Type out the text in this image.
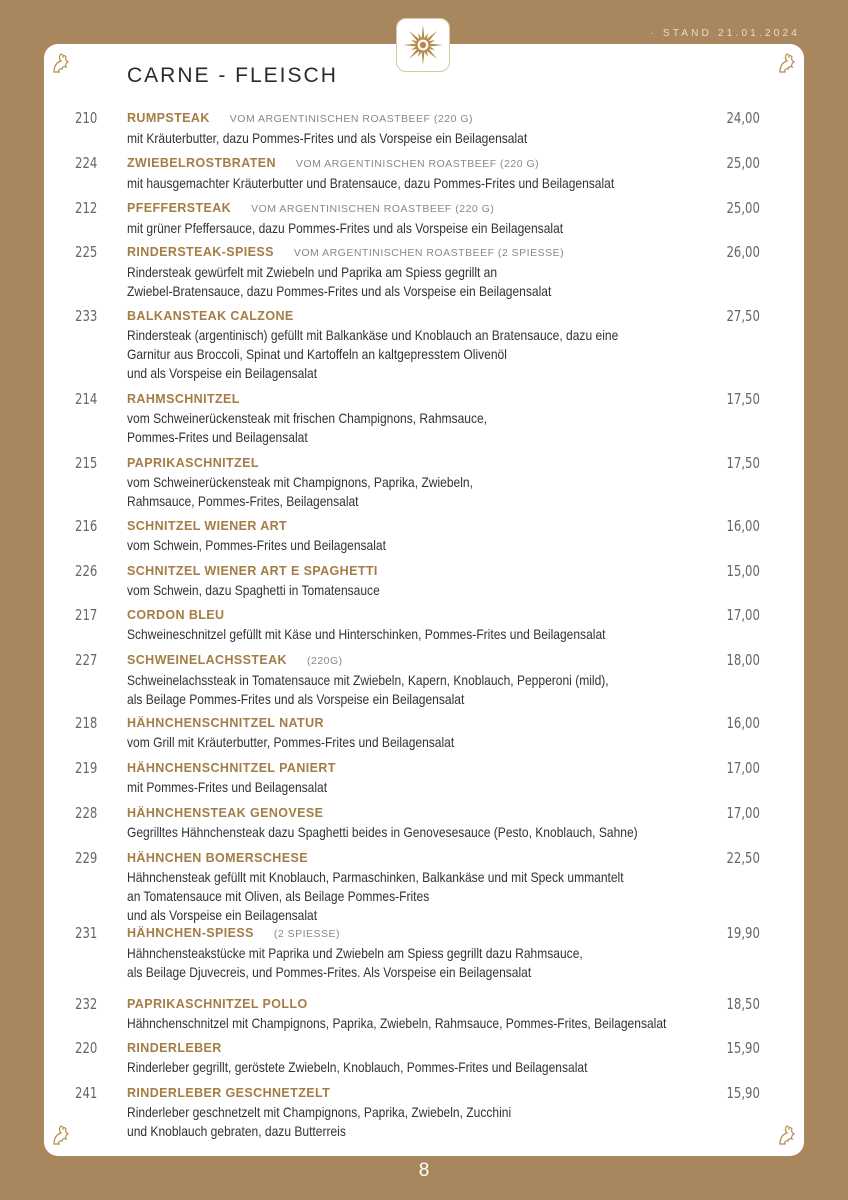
· STAND 21.01.2024
CARNE - FLEISCH
210	RUMPSTEAK VOM ARGENTINISCHEN ROASTBEEF (220 G)
mit Kräuterbutter, dazu Pommes-Frites und als Vorspeise ein Beilagensalat
24,00
224	ZWIEBELROSTBRATEN VOM ARGENTINISCHEN ROASTBEEF (220 G)
mit hausgemachter Kräuterbutter und Bratensauce, dazu Pommes-Frites und Beilagensalat
25,00
212	PFEFFERSTEAK VOM ARGENTINISCHEN ROASTBEEF (220 G)
mit grüner Pfeffersauce, dazu Pommes-Frites und als Vorspeise ein Beilagensalat
25,00
225	RINDERSTEAK-SPIESS VOM ARGENTINISCHEN ROASTBEEF (2 SPIESSE)
Rindersteak gewürfelt mit Zwiebeln und Paprika am Spiess gegrillt an
Zwiebel-Bratensauce, dazu Pommes-Frites und als Vorspeise ein Beilagensalat
26,00
233	BALKANSTEAK CALZONE
Rindersteak (argentinisch) gefüllt mit Balkankäse und Knoblauch an Bratensauce, dazu eine
Garnitur aus Broccoli, Spinat und Kartoffeln an kaltgepresstem Olivenöl
und als Vorspeise ein Beilagensalat
27,50
214	RAHMSCHNITZEL
vom Schweinerückensteak mit frischen Champignons, Rahmsauce,
Pommes-Frites und Beilagensalat
17,50
215	PAPRIKASCHNITZEL
vom Schweinerückensteak mit Champignons, Paprika, Zwiebeln,
Rahmsauce, Pommes-Frites, Beilagensalat
17,50
216	SCHNITZEL WIENER ART
vom Schwein, Pommes-Frites und Beilagensalat
16,00
226	SCHNITZEL WIENER ART E SPAGHETTI
vom Schwein, dazu Spaghetti in Tomatensauce
15,00
217	CORDON BLEU
Schweineschnitzel gefüllt mit Käse und Hinterschinken, Pommes-Frites und Beilagensalat
17,00
227	SCHWEINELACHSSTEAK (220G)
Schweinelachssteak in Tomatensauce mit Zwiebeln, Kapern, Knoblauch, Pepperoni (mild),
als Beilage Pommes-Frites und als Vorspeise ein Beilagensalat
18,00
218	HÄHNCHENSCHNITZEL NATUR
vom Grill mit Kräuterbutter, Pommes-Frites und Beilagensalat
16,00
219	HÄHNCHENSCHNITZEL PANIERT
mit Pommes-Frites und Beilagensalat
17,00
228	HÄHNCHENSTEAK GENOVESE
Gegrilltes Hähnchensteak dazu Spaghetti beides in Genovesesauce (Pesto, Knoblauch, Sahne)
17,00
229	HÄHNCHEN BOMERSCHESE
Hähnchensteak gefüllt mit Knoblauch, Parmaschinken, Balkankäse und mit Speck ummantelt
an Tomatensauce mit Oliven, als Beilage Pommes-Frites
und als Vorspeise ein Beilagensalat
22,50
231	HÄHNCHEN-SPIESS (2 SPIESSE)
Hähnchensteakstücke mit Paprika und Zwiebeln am Spiess gegrillt dazu Rahmsauce,
als Beilage Djuvecreis, und Pommes-Frites. Als Vorspeise ein Beilagensalat
19,90
232	PAPRIKASCHNITZEL POLLO
Hähnchenschnitzel mit Champignons, Paprika, Zwiebeln, Rahmsauce, Pommes-Frites, Beilagensalat
18,50
220	RINDERLEBER
Rinderleber gegrillt, geröstete Zwiebeln, Knoblauch, Pommes-Frites und Beilagensalat
15,90
241	RINDERLEBER GESCHNETZELT
Rinderleber geschnetzelt mit Champignons, Paprika, Zwiebeln, Zucchini
und Knoblauch gebraten, dazu Butterreis
15,90
8
